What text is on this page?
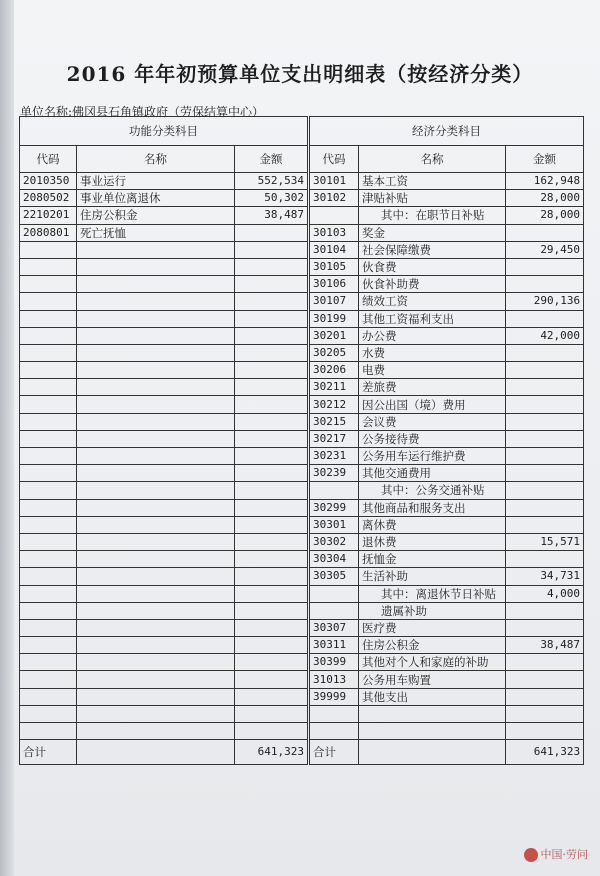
2016 年年初预算单位支出明细表（按经济分类）
单位名称:佛冈县石角镇政府（劳保结算中心）
功能分类科目			经济分类科目		
代码	名称	金额	代码	名称	金额
2010350	事业运行	552,534	30101	基本工资	162,948
2080502	事业单位离退休	50,302	30102	津贴补贴	28,000
2210201	住房公积金	38,487		其中：在职节日补贴	28,000
2080801	死亡抚恤		30103	奖金	
			30104	社会保障缴费	29,450
			30105	伙食费	
			30106	伙食补助费	
			30107	绩效工资	290,136
			30199	其他工资福利支出	
			30201	办公费	42,000
			30205	水费	
			30206	电费	
			30211	差旅费	
			30212	因公出国（境）费用	
			30215	会议费	
			30217	公务接待费	
			30231	公务用车运行维护费	
			30239	其他交通费用	
				其中：公务交通补贴	
			30299	其他商品和服务支出	
			30301	离休费	
			30302	退休费	15,571
			30304	抚恤金	
			30305	生活补助	34,731
				其中：离退休节日补贴	4,000
				遗属补助	
			30307	医疗费	
			30311	住房公积金	38,487
			30399	其他对个人和家庭的补助	
			31013	公务用车购置	
			39999	其他支出	

合计		641,323	合计		641,323
中国·劳问
